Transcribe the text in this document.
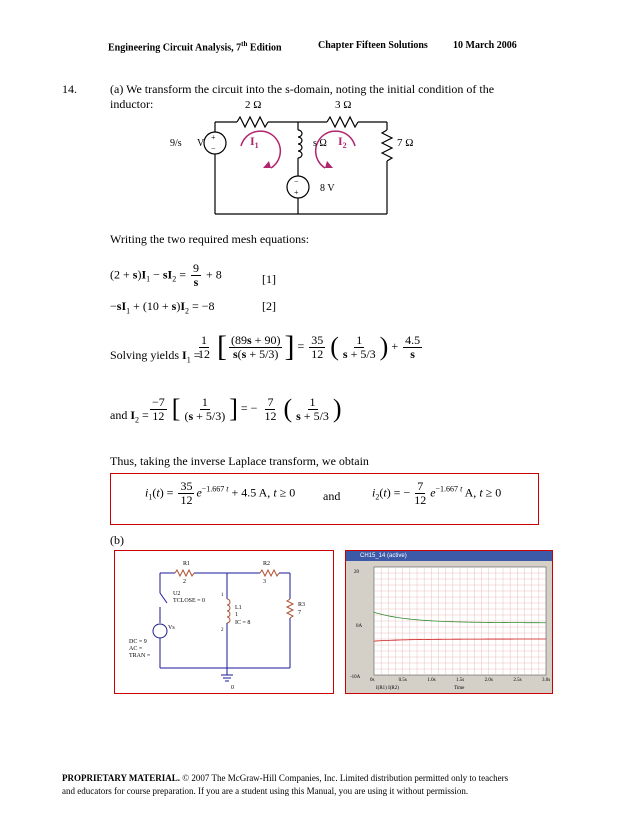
Engineering Circuit Analysis, 7th Edition	Chapter Fifteen Solutions	10 March 2006
14.	(a) We transform the circuit into the s-domain, noting the initial condition of the
inductor:	2 Ω	3 Ω
7 Ω
9/s V
+
−	s Ω
$I_1$	$I_2$
−
+ 8 V
Writing the two required mesh equations:
$(2 + s)I_1 - sI_2 = \frac{9}{s} + 8$	[1]
$-sI_1 + (10 + s)I_2 = -8$	[2]
Solving yields $I_1$ =
$\frac{1}{12}$ [ $\frac{(89s + 90)}{s(s + 5/3)}$ ] = $\frac{35}{12}$ ( $\frac{1}{s + 5/3}$ ) + $\frac{4.5}{s}$
and $I_2 = \frac{-7}{12}$ [ $\frac{1}{(s + 5/3)}$ ] = − $\frac{7}{12}$ ( $\frac{1}{s + 5/3}$ )
Thus, taking the inverse Laplace transform, we obtain
$i_1(t) = \frac{35}{12} e^{-1.667 t} + 4.5$ A, t ≥ 0 and	$i_2(t)$ = − $\frac{7}{12} e^{-1.667 t}$ A, t ≥ 0
(b)
R1
2
R2
3
R3
7
U2
TCLOSE = 0
L1
1
IC = 8
1
2
Vs
DC = 9
AC =
TRAN =
0
CH15_14 (active)
20
0A
-10A
0s	0.5s	1.0s	1.5s	2.0s	2.5s	3.0s
I(R1) I(R2)	Time
PROPRIETARY MATERIAL. © 2007 The McGraw-Hill Companies, Inc. Limited distribution permitted only to teachers
and educators for course preparation. If you are a student using this Manual, you are using it without permission.
